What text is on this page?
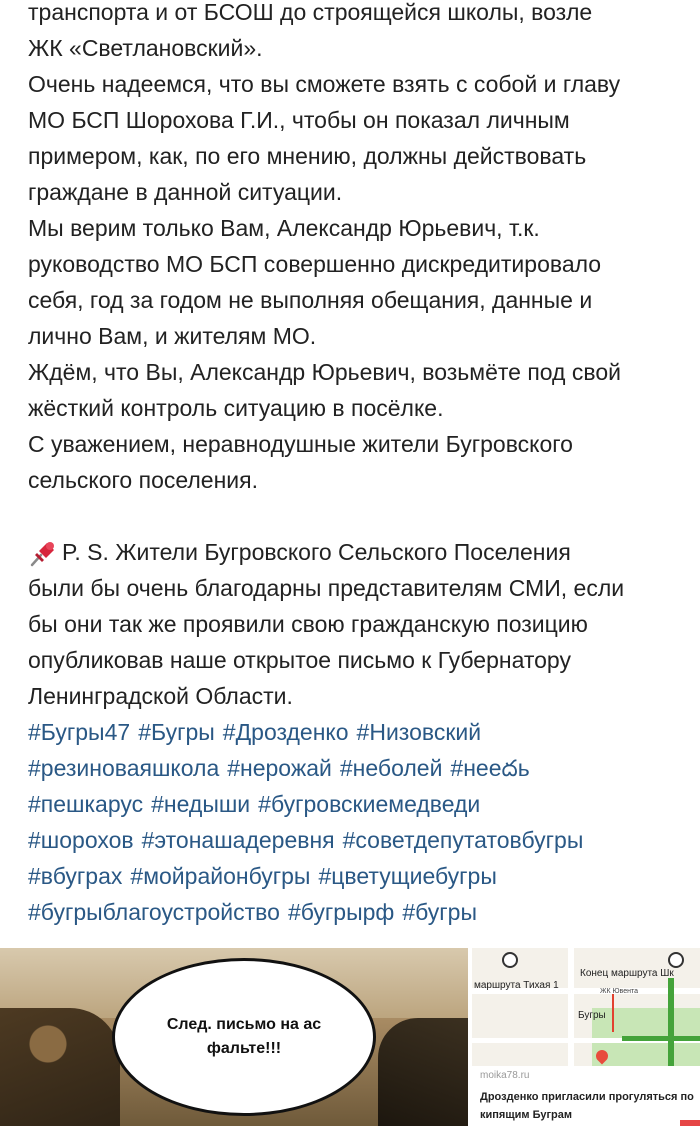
транспорта и от БСОШ до строящейся школы, возле

ЖК «Светлановский».

Очень надеемся, что вы сможете взять с собой и главу

МО БСП Шорохова Г.И., чтобы он показал личным

примером, как, по его мнению, должны действовать

граждане в данной ситуации.

Мы верим только Вам, Александр Юрьевич, т.к.

руководство МО БСП совершенно дискредитировало

себя, год за годом не выполняя обещания, данные и

лично Вам, и жителям МО.

Ждём, что Вы, Александр Юрьевич, возьмёте под свой

жёсткий контроль ситуацию в посёлке.

С уважением, неравнодушные жители Бугровского

сельского поселения.

P. S. Жители Бугровского Сельского Поселения

были бы очень благодарны представителям СМИ, если

бы они так же проявили свою гражданскую позицию

опубликовав наше открытое письмо к Губернатору

Ленинградской Области.

#Бугры47 #Бугры #Дрозденко #Низовский

#резиноваяшкола #нерожай #неболей #нееదь

#пешкарус #недыши #бугровскиемедведи

#шорохов #этонашадеревня #советдепутатовбугры

#вбуграх #мойрайонбугры #цветущиебугры

#бугрыблагоустройство #бугрырф #бугры

След. письмо на ас
фальте!!!
маршрута Тихая 1
Конец маршрута Шк
ЖК Ювента
Бугры
moika78.ru
Дрозденко пригласили прогуляться по кипящим Буграм
